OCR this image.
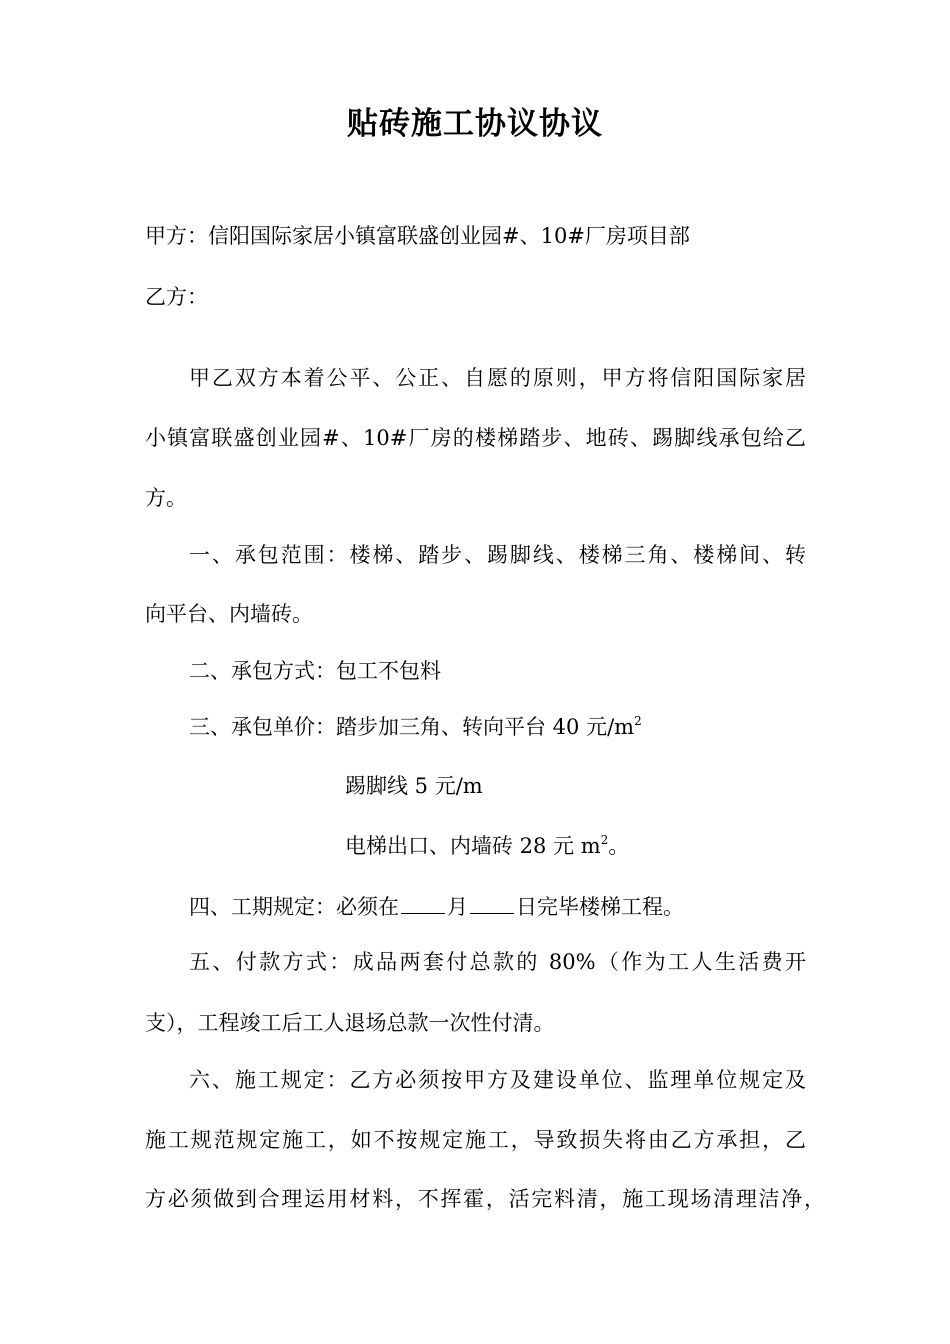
贴砖施工协议协议
甲方：信阳国际家居小镇富联盛创业园#、10#厂房项目部
乙方：
甲乙双方本着公平、公正、自愿的原则，甲方将信阳国际家居
小镇富联盛创业园#、10#厂房的楼梯踏步、地砖、踢脚线承包给乙
方。
一、承包范围：楼梯、踏步、踢脚线、楼梯三角、楼梯间、转
向平台、内墙砖。
二、承包方式：包工不包料
三、承包单价：踏步加三角、转向平台 40 元$/m^2$
踢脚线 5 元/m
电梯出口、内墙砖 28 元 $m^2$。
四、工期规定：必须在 月 日完毕楼梯工程。
五、付款方式：成品两套付总款的 80%（作为工人生活费开
支），工程竣工后工人退场总款一次性付清。
六、施工规定：乙方必须按甲方及建设单位、监理单位规定及
施工规范规定施工，如不按规定施工，导致损失将由乙方承担，乙
方必须做到合理运用材料，不挥霍，活完料清，施工现场清理洁净，
